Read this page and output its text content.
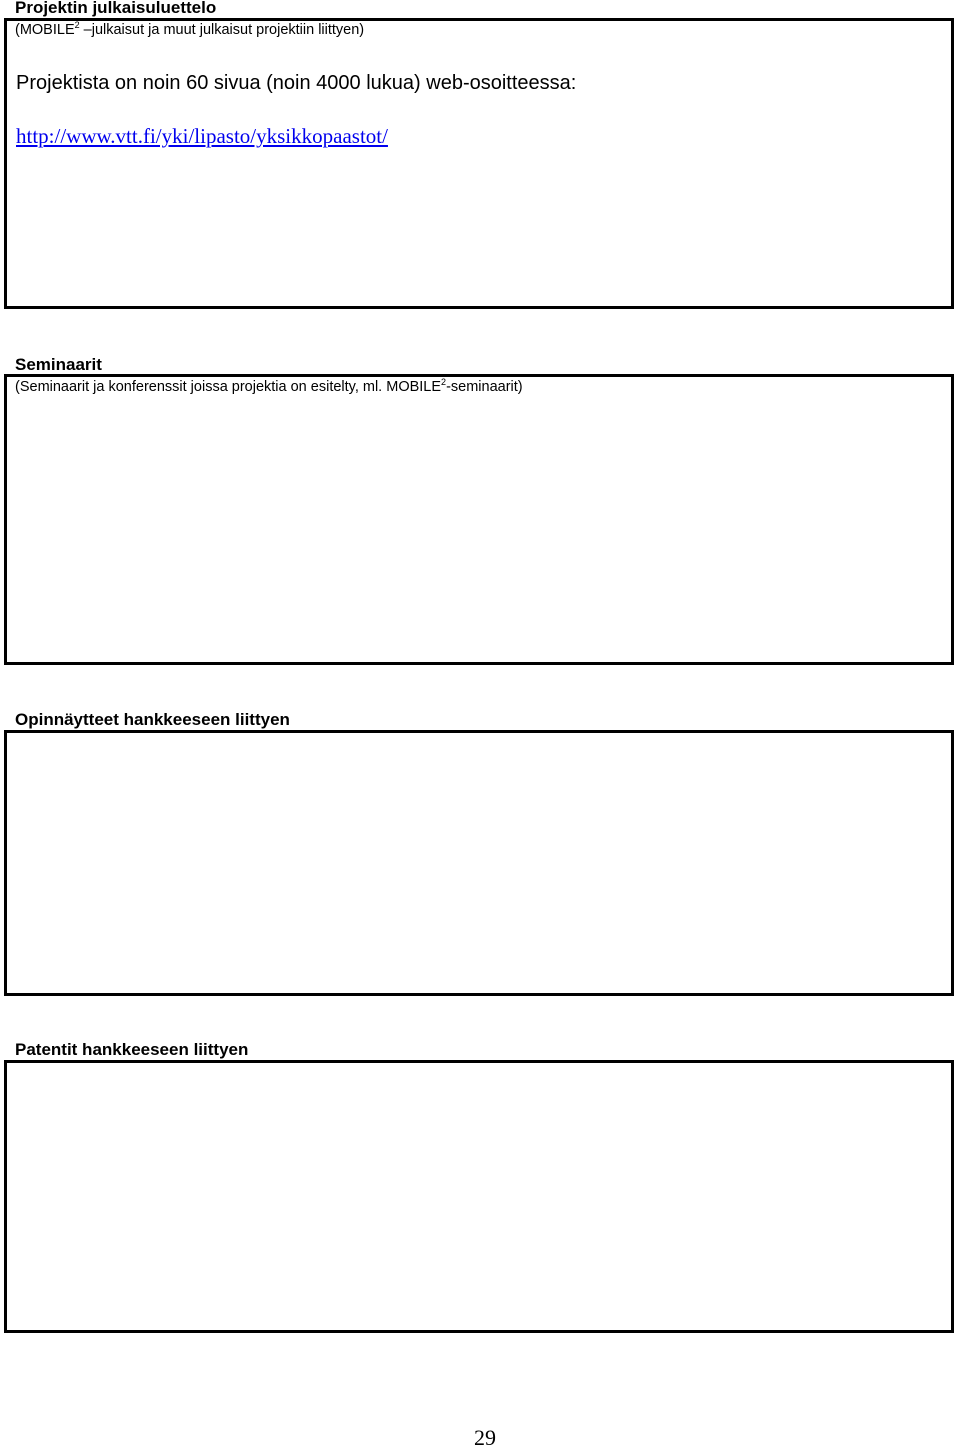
Projektin julkaisuluettelo
(MOBILE$^2$ –julkaisut ja muut julkaisut projektiin liittyen)
Projektista on noin 60 sivua (noin 4000 lukua) web-osoitteessa:
http://www.vtt.fi/yki/lipasto/yksikkopaastot/
Seminaarit
(Seminaarit ja konferenssit joissa projektia on esitelty, ml. MOBILE$^2$-seminaarit)
Opinnäytteet hankkeeseen liittyen
Patentit hankkeeseen liittyen
29
